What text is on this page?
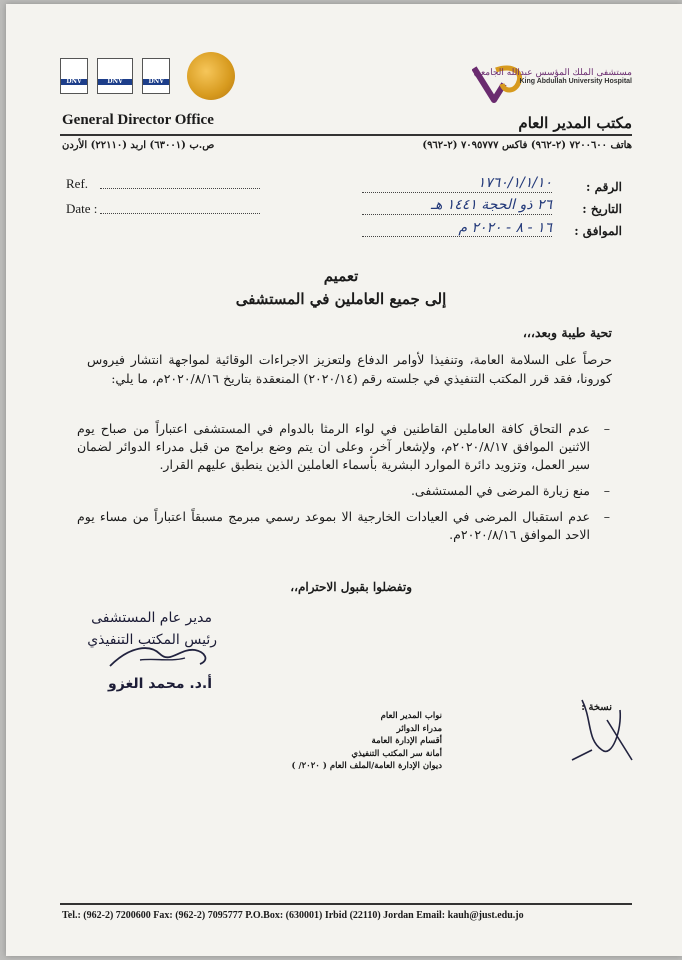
DNV
	DNV
	DNV

مستشفى الملك المؤسس عبدالله الجامعي
King Abdullah University Hospital
General Director Office	مكتب المدير العام
هاتف ٧٢٠٠٦٠٠ (٢-٩٦٢) فاكس ٧٠٩٥٧٧٧ (٢-٩٦٢)
ص.ب (٦٣٠٠١) اربد (٢٢١١٠) الأردن
Ref.
Date :
الرقم :
١٧٦٠/١/١/١٠
التاريخ :
٢٦ ذو الحجة ١٤٤١ هـ
الموافق :
١٦ - ٨ - ٢٠٢٠ م
تعميم
إلى جميع العاملين في المستشفى
تحية طيبة وبعد،،،
حرصاً على السلامة العامة، وتنفيذا لأوامر الدفاع ولتعزيز الاجراءات الوقائية لمواجهة انتشار فيروس كورونا، فقد قرر المكتب التنفيذي في جلسته رقم (٢٠٢٠/١٤) المنعقدة بتاريخ ٢٠٢٠/٨/١٦م، ما يلي:
– عدم التحاق كافة العاملين القاطنين في لواء الرمثا بالدوام في المستشفى اعتباراً من صباح يوم الاثنين الموافق ٢٠٢٠/٨/١٧م، ولإشعار آخر، وعلى ان يتم وضع برامج من قبل مدراء الدوائر لضمان سير العمل، وتزويد دائرة الموارد البشرية بأسماء العاملين الذين ينطبق عليهم القرار.
– منع زيارة المرضى في المستشفى.
– عدم استقبال المرضى في العيادات الخارجية الا بموعد رسمي مبرمج مسبقاً اعتباراً من مساء يوم الاحد الموافق ٢٠٢٠/٨/١٦م.
وتفضلوا بقبول الاحترام،،
مدير عام المستشفى
رئيس المكتب التنفيذي
أ.د. محمد الغزو
نسخة :
نواب المدير العام
مدراء الدوائر
أقسام الإدارة العامة
أمانة سر المكتب التنفيذي
ديوان الإدارة العامة/الملف العام ( ٢٠٢٠/ )
Tel.: (962-2) 7200600 Fax: (962-2) 7095777 P.O.Box: (630001) Irbid (22110) Jordan Email: kauh@just.edu.jo
